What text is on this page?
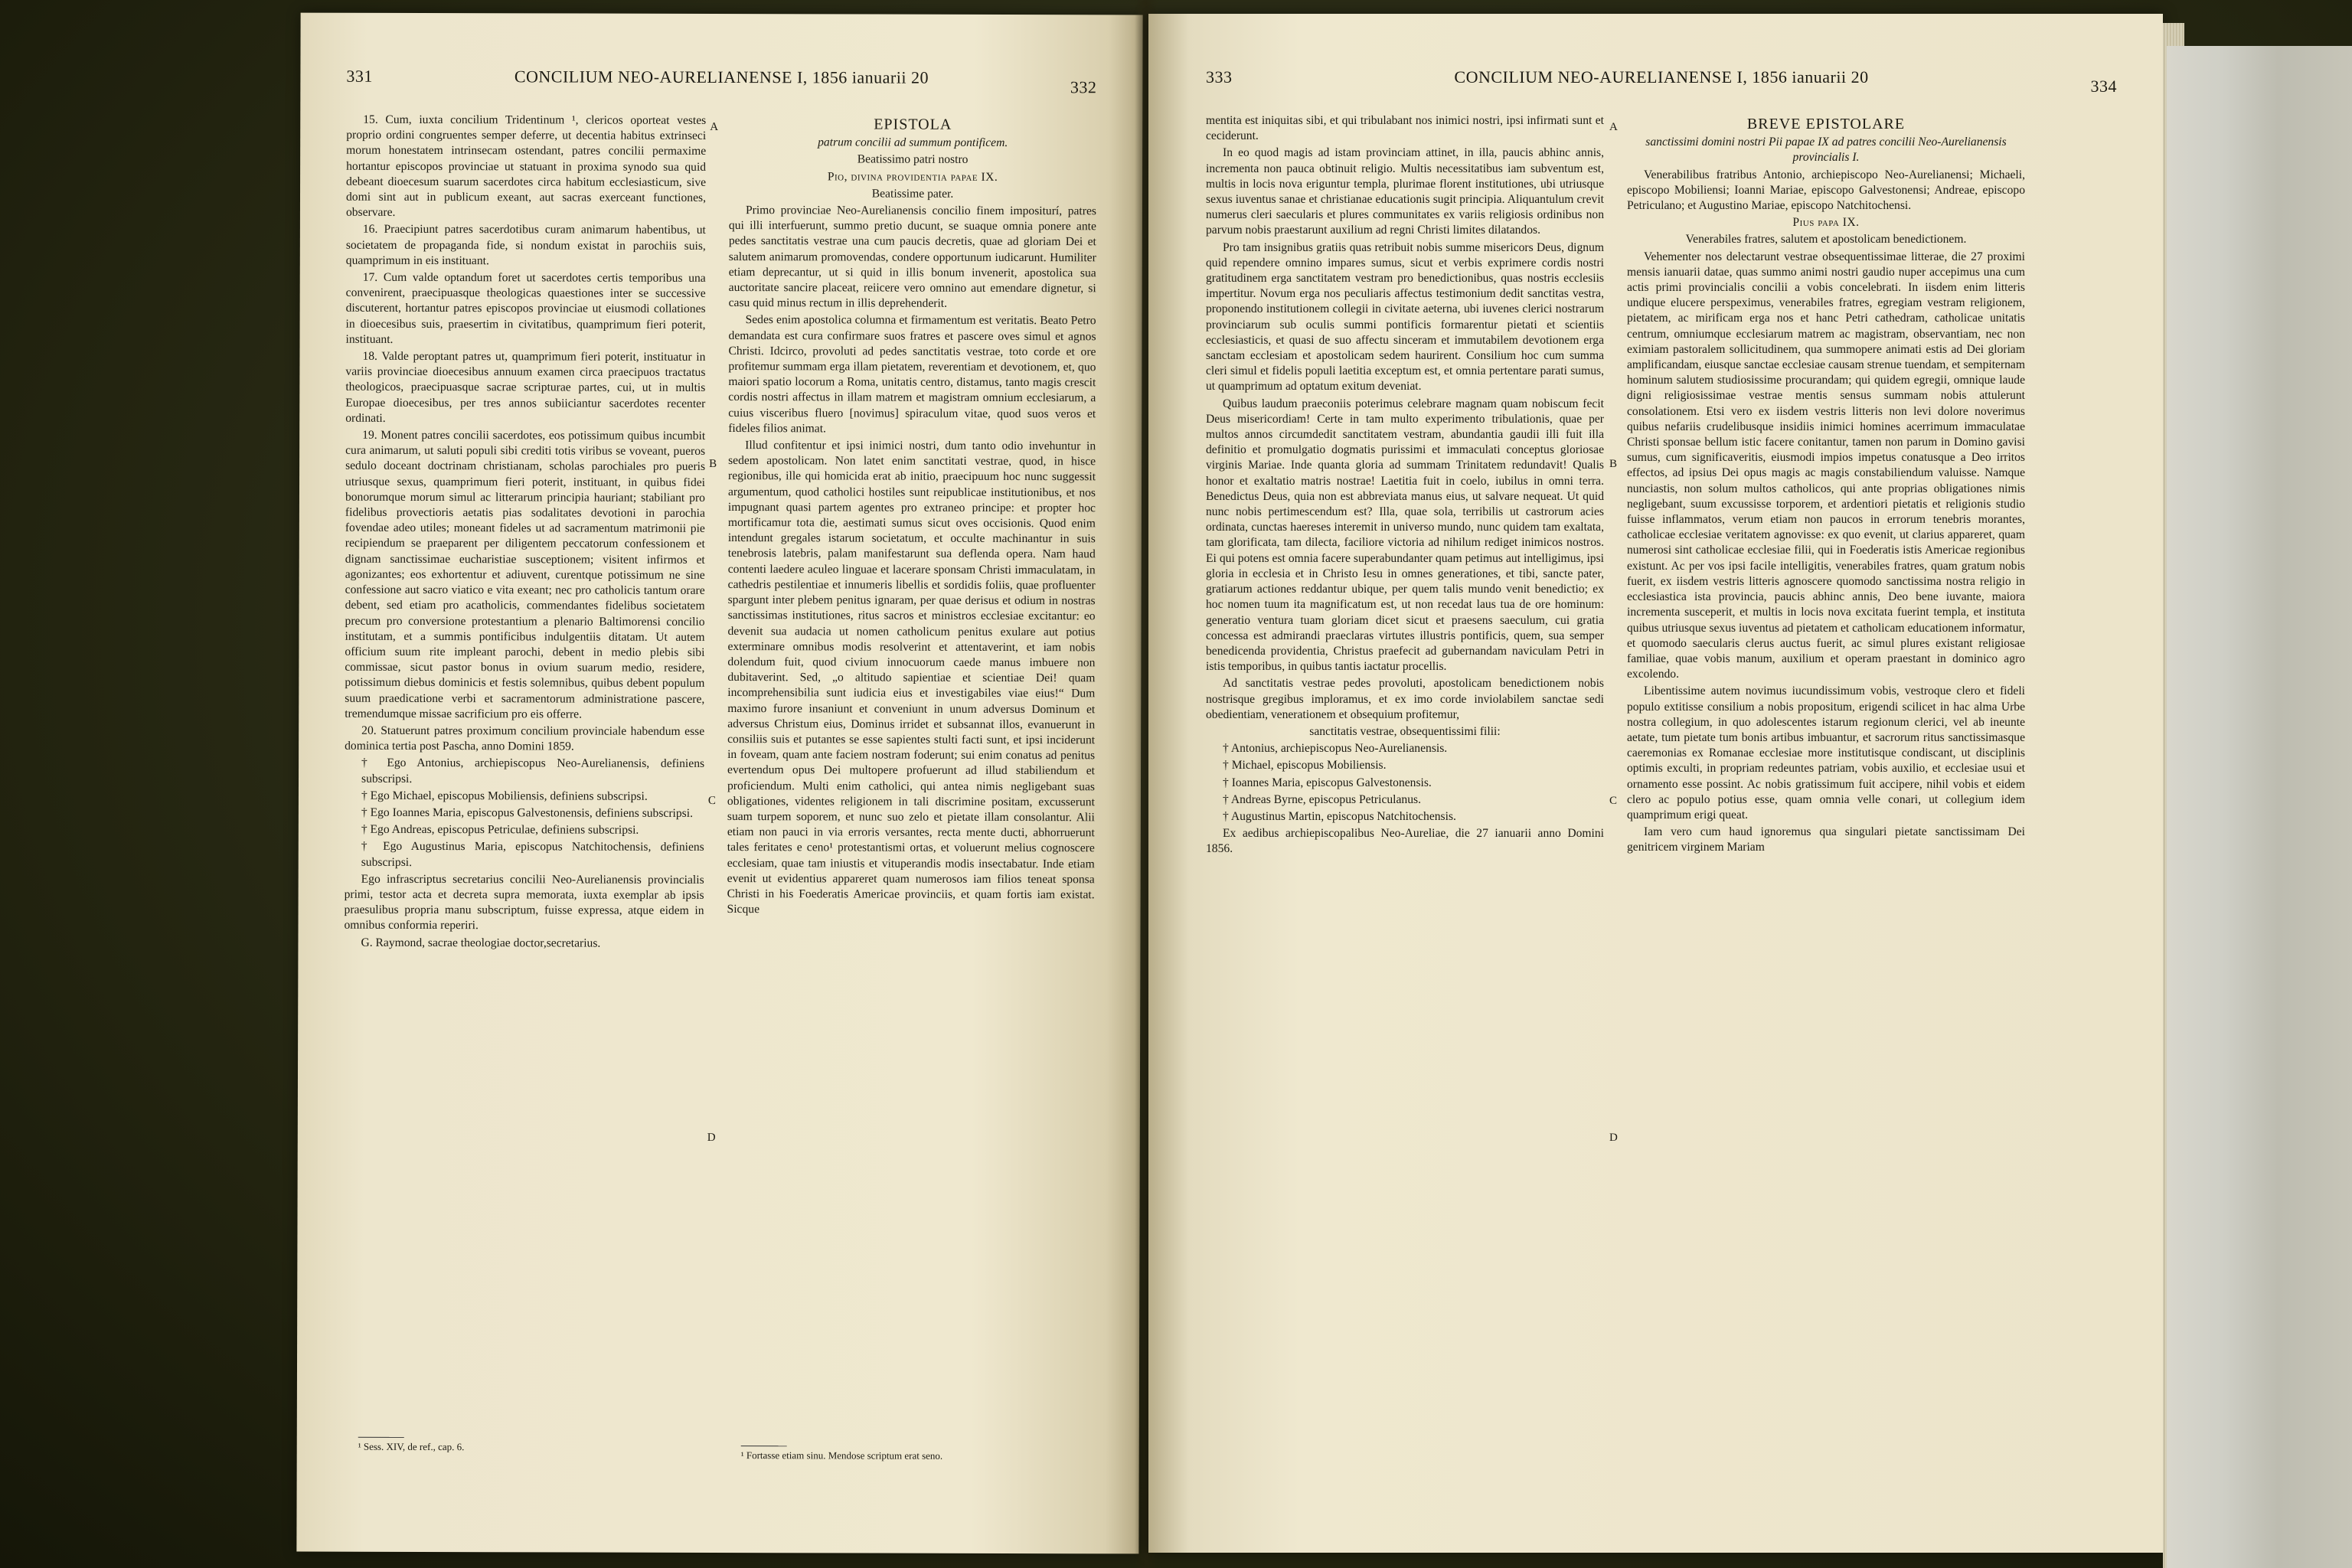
331	CONCILIUM NEO-AURELIANENSE I, 1856 ianuarii 20
332

15. Cum, iuxta concilium Tridentinum ¹, clericos oporteat vestes proprio ordini congruentes semper deferre, ut decentia habitus extrinseci morum honestatem intrinsecam ostendant, patres concilii permaxime hortantur episcopos provinciae ut statuant in proxima synodo sua quid debeant dioecesum suarum sacerdotes circa habitum ecclesiasticum, sive domi sint aut in publicum exeant, aut sacras exerceant functiones, observare.

16. Praecipiunt patres sacerdotibus curam animarum habentibus, ut societatem de propaganda fide, si nondum existat in parochiis suis, quamprimum in eis instituant.

17. Cum valde optandum foret ut sacerdotes certis temporibus una convenirent, praecipuasque theologicas quaestiones inter se successive discuterent, hortantur patres episcopos provinciae ut eiusmodi collationes in dioecesibus suis, praesertim in civitatibus, quamprimum fieri poterit, instituant.

18. Valde peroptant patres ut, quamprimum fieri poterit, instituatur in variis provinciae dioecesibus annuum examen circa praecipuos tractatus theologicos, praecipuasque sacrae scripturae partes, cui, ut in multis Europae dioecesibus, per tres annos subiiciantur sacerdotes recenter ordinati.

19. Monent patres concilii sacerdotes, eos potissimum quibus incumbit cura animarum, ut saluti populi sibi crediti totis viribus se voveant, pueros sedulo doceant doctrinam christianam, scholas parochiales pro pueris utriusque sexus, quamprimum fieri poterit, instituant, in quibus fidei bonorumque morum simul ac litterarum principia hauriant; stabiliant pro fidelibus provectioris aetatis pias sodalitates devotioni in parochia fovendae adeo utiles; moneant fideles ut ad sacramentum matrimonii pie recipiendum se praeparent per diligentem peccatorum confessionem et dignam sanctissimae eucharistiae susceptionem; visitent infirmos et agonizantes; eos exhortentur et adiuvent, curentque potissimum ne sine confessione aut sacro viatico e vita exeant; nec pro catholicis tantum orare debent, sed etiam pro acatholicis, commendantes fidelibus societatem precum pro conversione protestantium a plenario Baltimorensi concilio institutam, et a summis pontificibus indulgentiis ditatam. Ut autem officium suum rite impleant parochi, debent in medio plebis sibi commissae, sicut pastor bonus in ovium suarum medio, residere, potissimum diebus dominicis et festis solemnibus, quibus debent populum suum praedicatione verbi et sacramentorum administratione pascere, tremendumque missae sacrificium pro eis offerre.

20. Statuerunt patres proximum concilium provinciale habendum esse dominica tertia post Pascha, anno Domini 1859.

† Ego Antonius, archiepiscopus Neo-Aurelianensis, definiens subscripsi.

† Ego Michael, episcopus Mobiliensis, definiens subscripsi.

† Ego Ioannes Maria, episcopus Galvestonensis, definiens subscripsi.

† Ego Andreas, episcopus Petriculae, definiens subscripsi.

† Ego Augustinus Maria, episcopus Natchitochensis, definiens subscripsi.

Ego infrascriptus secretarius concilii Neo-Aurelianensis provincialis primi, testor acta et decreta supra memorata, iuxta exemplar ab ipsis praesulibus propria manu subscriptum, fuisse expressa, atque eidem in omnibus conformia reperiri.

G. Raymond, sacrae theologiae doctor,secretarius.

¹ Sess. XIV, de ref., cap. 6.
A
B
C
D
EPISTOLA

patrum concilii ad summum pontificem.

Beatissimo patri nostro

Pio, divina providentia papae IX.

Beatissime pater.

Primo provinciae Neo-Aurelianensis concilio finem impositurí, patres qui illi interfuerunt, summo pretio ducunt, se suaque omnia ponere ante pedes sanctitatis vestrae una cum paucis decretis, quae ad gloriam Dei et salutem animarum promovendas, condere opportunum iudicarunt. Humiliter etiam deprecantur, ut si quid in illis bonum invenerit, apostolica sua auctoritate sancire placeat, reiicere vero omnino aut emendare dignetur, si casu quid minus rectum in illis deprehenderit.

Sedes enim apostolica columna et firmamentum est veritatis. Beato Petro demandata est cura confirmare suos fratres et pascere oves simul et agnos Christi. Idcirco, provoluti ad pedes sanctitatis vestrae, toto corde et ore profitemur summam erga illam pietatem, reverentiam et devotionem, et, quo maiori spatio locorum a Roma, unitatis centro, distamus, tanto magis crescit cordis nostri affectus in illam matrem et magistram omnium ecclesiarum, a cuius visceribus fluero [novimus] spiraculum vitae, quod suos veros et fideles filios animat.

Illud confitentur et ipsi inimici nostri, dum tanto odio invehuntur in sedem apostolicam. Non latet enim sanctitati vestrae, quod, in hisce regionibus, ille qui homicida erat ab initio, praecipuum hoc nunc suggessit argumentum, quod catholici hostiles sunt reipublicae institutionibus, et nos impugnant quasi partem agentes pro extraneo principe: et propter hoc mortificamur tota die, aestimati sumus sicut oves occisionis. Quod enim intendunt gregales istarum societatum, et occulte machinantur in suis tenebrosis latebris, palam manifestarunt sua deflenda opera. Nam haud contenti laedere aculeo linguae et lacerare sponsam Christi immaculatam, in cathedris pestilentiae et innumeris libellis et sordidis foliis, quae profluenter spargunt inter plebem penitus ignaram, per quae derisus et odium in nostras sanctissimas institutiones, ritus sacros et ministros ecclesiae excitantur: eo devenit sua audacia ut nomen catholicum penitus exulare aut potius exterminare omnibus modis resolverint et attentaverint, et iam nobis dolendum fuit, quod civium innocuorum caede manus imbuere non dubitaverint. Sed, „o altitudo sapientiae et scientiae Dei! quam incomprehensibilia sunt iudicia eius et investigabiles viae eius!“ Dum maximo furore insaniunt et conveniunt in unum adversus Dominum et adversus Christum eius, Dominus irridet et subsannat illos, evanuerunt in consiliis suis et putantes se esse sapientes stulti facti sunt, et ipsi inciderunt in foveam, quam ante faciem nostram foderunt; sui enim conatus ad penitus evertendum opus Dei multopere profuerunt ad illud stabiliendum et proficiendum. Multi enim catholici, qui antea nimis negligebant suas obligationes, videntes religionem in tali discrimine positam, excusserunt suam turpem soporem, et nunc suo zelo et pietate illam consolantur. Alii etiam non pauci in via erroris versantes, recta mente ducti, abhorruerunt tales feritates e ceno¹ protestantismi ortas, et voluerunt melius cognoscere ecclesiam, quae tam iniustis et vituperandis modis insectabatur. Inde etiam evenit ut evidentius appareret quam numerosos iam filios teneat sponsa Christi in his Foederatis Americae provinciis, et quam fortis iam existat. Sicque

¹ Fortasse etiam sinu. Mendose scriptum erat seno.
333	CONCILIUM NEO-AURELIANENSE I, 1856 ianuarii 20	334

mentita est iniquitas sibi, et qui tribulabant nos inimici nostri, ipsi infirmati sunt et ceciderunt.

In eo quod magis ad istam provinciam attinet, in illa, paucis abhinc annis, incrementa non pauca obtinuit religio. Multis necessitatibus iam subventum est, multis in locis nova eriguntur templa, plurimae florent institutiones, ubi utriusque sexus iuventus sanae et christianae educationis sugit principia. Aliquantulum crevit numerus cleri saecularis et plures communitates ex variis religiosis ordinibus non parvum nobis praestarunt auxilium ad regni Christi limites dilatandos.

Pro tam insignibus gratiis quas retribuit nobis summe misericors Deus, dignum quid rependere omnino impares sumus, sicut et verbis exprimere cordis nostri gratitudinem erga sanctitatem vestram pro benedictionibus, quas nostris ecclesiis impertitur. Novum erga nos peculiaris affectus testimonium dedit sanctitas vestra, proponendo institutionem collegii in civitate aeterna, ubi iuvenes clerici nostrarum provinciarum sub oculis summi pontificis formarentur pietati et scientiis ecclesiasticis, et quasi de suo affectu sinceram et immutabilem devotionem erga sanctam ecclesiam et apostolicam sedem haurirent. Consilium hoc cum summa cleri simul et fidelis populi laetitia exceptum est, et omnia pertentare parati sumus, ut quamprimum ad optatum exitum deveniat.

Quibus laudum praeconiis poterimus celebrare magnam quam nobiscum fecit Deus misericordiam! Certe in tam multo experimento tribulationis, quae per multos annos circumdedit sanctitatem vestram, abundantia gaudii illi fuit illa definitio et promulgatio dogmatis purissimi et immaculati conceptus gloriosae virginis Mariae. Inde quanta gloria ad summam Trinitatem redundavit! Qualis honor et exaltatio matris nostrae! Laetitia fuit in coelo, iubilus in omni terra. Benedictus Deus, quia non est abbreviata manus eius, ut salvare nequeat. Ut quid nunc nobis pertimescendum est? Illa, quae sola, terribilis ut castrorum acies ordinata, cunctas haereses interemit in universo mundo, nunc quidem tam exaltata, tam glorificata, tam dilecta, faciliore victoria ad nihilum rediget inimicos nostros. Ei qui potens est omnia facere superabundanter quam petimus aut intelligimus, ipsi gloria in ecclesia et in Christo Iesu in omnes generationes, et tibi, sancte pater, gratiarum actiones reddantur ubique, per quem talis mundo venit benedictio; ex hoc nomen tuum ita magnificatum est, ut non recedat laus tua de ore hominum: generatio ventura tuam gloriam dicet sicut et praesens saeculum, cui gratia concessa est admirandi praeclaras virtutes illustris pontificis, quem, sua semper benedicenda providentia, Christus praefecit ad gubernandam naviculam Petri in istis temporibus, in quibus tantis iactatur procellis.

Ad sanctitatis vestrae pedes provoluti, apostolicam benedictionem nobis nostrisque gregibus imploramus, et ex imo corde inviolabilem sanctae sedi obedientiam, venerationem et obsequium profitemur,

sanctitatis vestrae, obsequentissimi filii:

† Antonius, archiepiscopus Neo-Aurelianensis.

† Michael, episcopus Mobiliensis.

† Ioannes Maria, episcopus Galvestonensis.

† Andreas Byrne, episcopus Petriculanus.

† Augustinus Martin, episcopus Natchitochensis.

Ex aedibus archiepiscopalibus Neo-Aureliae, die 27 ianuarii anno Domini 1856.

A
B
C
D
BREVE EPISTOLARE

sanctissimi domini nostri Pii papae IX ad patres concilii Neo-Aurelianensis provincialis I.

Venerabilibus fratribus Antonio, archiepiscopo Neo-Aurelianensi; Michaeli, episcopo Mobiliensi; Ioanni Mariae, episcopo Galvestonensi; Andreae, episcopo Petriculano; et Augustino Mariae, episcopo Natchitochensi.

Pius papa IX.

Venerabiles fratres, salutem et apostolicam benedictionem.

Vehementer nos delectarunt vestrae obsequentissimae litterae, die 27 proximi mensis ianuarii datae, quas summo animi nostri gaudio nuper accepimus una cum actis primi provincialis concilii a vobis concelebrati. In iisdem enim litteris undique elucere perspeximus, venerabiles fratres, egregiam vestram religionem, pietatem, ac mirificam erga nos et hanc Petri cathedram, catholicae unitatis centrum, omniumque ecclesiarum matrem ac magistram, observantiam, nec non eximiam pastoralem sollicitudinem, qua summopere animati estis ad Dei gloriam amplificandam, eiusque sanctae ecclesiae causam strenue tuendam, et sempiternam hominum salutem studiosissime procurandam; qui quidem egregii, omnique laude digni religiosissimae vestrae mentis sensus summam nobis attulerunt consolationem. Etsi vero ex iisdem vestris litteris non levi dolore noverimus quibus nefariis crudelibusque insidiis inimici homines acerrimum immaculatae Christi sponsae bellum istic facere conitantur, tamen non parum in Domino gavisi sumus, cum significaveritis, eiusmodi impios impetus conatusque a Deo irritos effectos, ad ipsius Dei opus magis ac magis constabiliendum valuisse. Namque nunciastis, non solum multos catholicos, qui ante proprias obligationes nimis negligebant, suum excussisse torporem, et ardentiori pietatis et religionis studio fuisse inflammatos, verum etiam non paucos in errorum tenebris morantes, catholicae ecclesiae veritatem agnovisse: ex quo evenit, ut clarius appareret, quam numerosi sint catholicae ecclesiae filii, qui in Foederatis istis Americae regionibus existunt. Ac per vos ipsi facile intelligitis, venerabiles fratres, quam gratum nobis fuerit, ex iisdem vestris litteris agnoscere quomodo sanctissima nostra religio in ecclesiastica ista provincia, paucis abhinc annis, Deo bene iuvante, maiora incrementa susceperit, et multis in locis nova excitata fuerint templa, et instituta quibus utriusque sexus iuventus ad pietatem et catholicam educationem informatur, et quomodo saecularis clerus auctus fuerit, ac simul plures existant religiosae familiae, quae vobis manum, auxilium et operam praestant in dominico agro excolendo.

Libentissime autem novimus iucundissimum vobis, vestroque clero et fideli populo extitisse consilium a nobis propositum, erigendi scilicet in hac alma Urbe nostra collegium, in quo adolescentes istarum regionum clerici, vel ab ineunte aetate, tum pietate tum bonis artibus imbuantur, et sacrorum ritus sanctissimasque caeremonias ex Romanae ecclesiae more institutisque condiscant, ut disciplinis optimis exculti, in propriam redeuntes patriam, vobis auxilio, et ecclesiae usui et ornamento esse possint. Ac nobis gratissimum fuit accipere, nihil vobis et eidem clero ac populo potius esse, quam omnia velle conari, ut collegium idem quamprimum erigi queat.

Iam vero cum haud ignoremus qua singulari pietate sanctissimam Dei genitricem virginem Mariam
